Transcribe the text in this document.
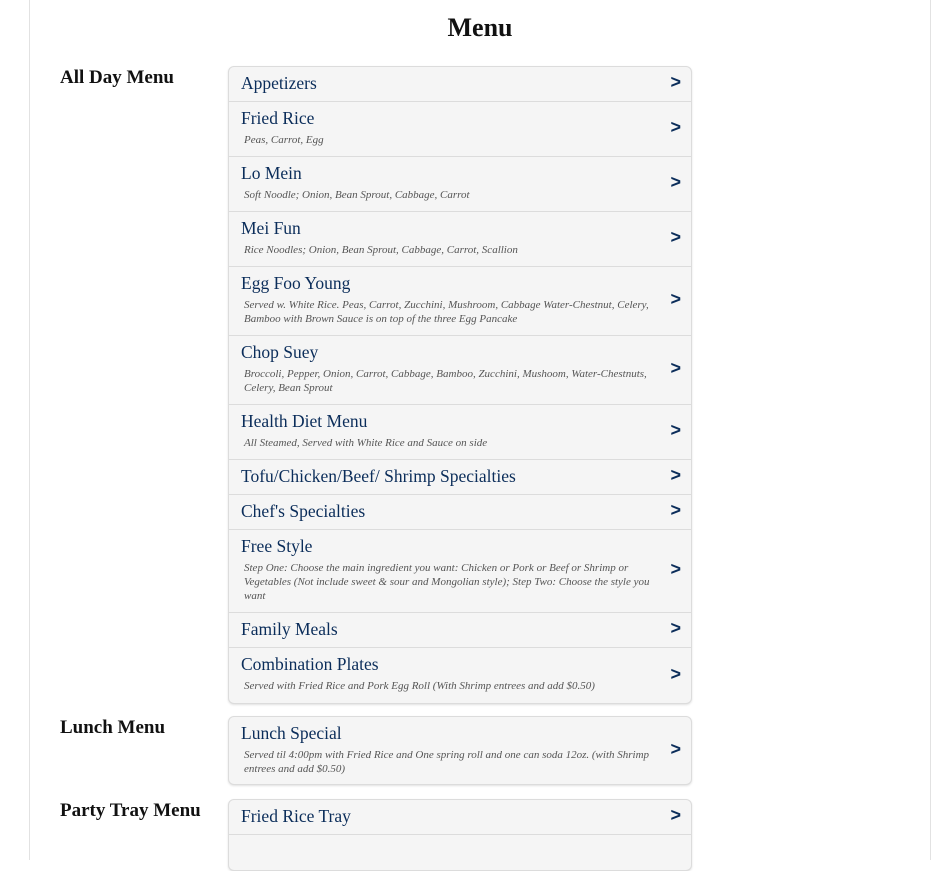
Menu
All Day Menu	Appetizers	>
Fried Rice
Peas, Carrot, Egg
>
Lo Mein
Soft Noodle; Onion, Bean Sprout, Cabbage, Carrot
>
Mei Fun
Rice Noodles; Onion, Bean Sprout, Cabbage, Carrot, Scallion
>
Egg Foo Young
Served w. White Rice. Peas, Carrot, Zucchini, Mushroom, Cabbage Water-Chestnut, Celery, Bamboo with Brown Sauce is on top of the three Egg Pancake
>
Chop Suey
Broccoli, Pepper, Onion, Carrot, Cabbage, Bamboo, Zucchini, Mushoom, Water-Chestnuts, Celery, Bean Sprout
>
Health Diet Menu
All Steamed, Served with White Rice and Sauce on side
>
Tofu/Chicken/Beef/ Shrimp Specialties	>
Chef's Specialties	>
Free Style
Step One: Choose the main ingredient you want: Chicken or Pork or Beef or Shrimp or Vegetables (Not include sweet & sour and Mongolian style); Step Two: Choose the style you want
>
Family Meals	>
Combination Plates
Served with Fried Rice and Pork Egg Roll (With Shrimp entrees and add $0.50)
>
Lunch Menu	Lunch Special
Served til 4:00pm with Fried Rice and One spring roll and one can soda 12oz. (with Shrimp entrees and add $0.50)
>
Party Tray Menu	Fried Rice Tray	>
